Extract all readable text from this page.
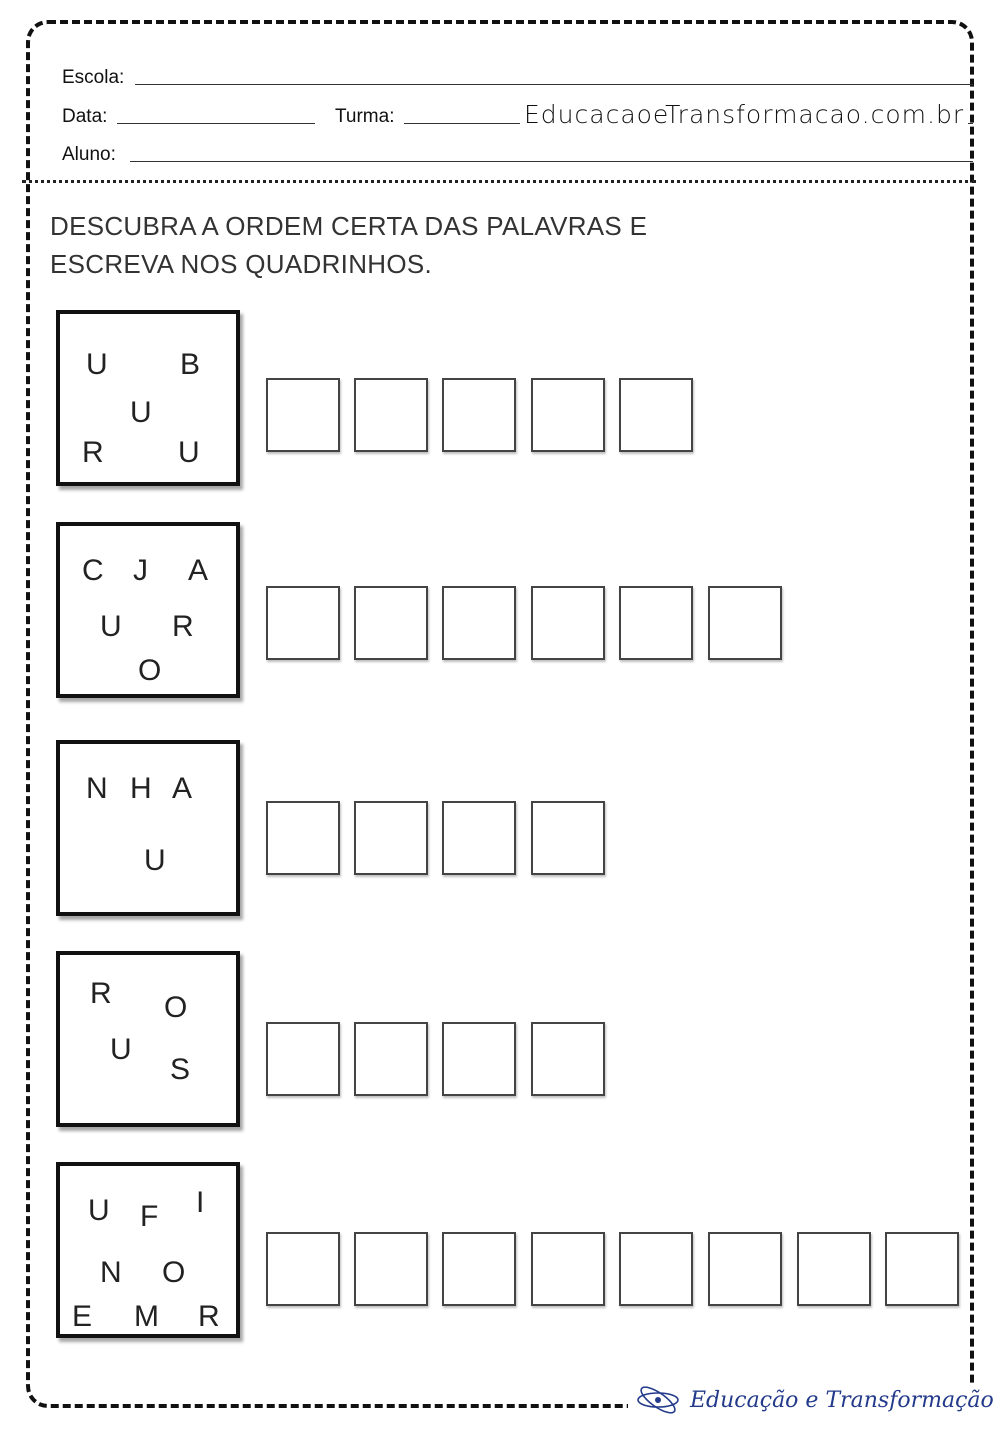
Escola:
Data:	Turma:	EducacaoeTransformacao.com.br
Aluno:
DESCUBRA A ORDEM CERTA DAS PALAVRAS E
ESCREVA NOS QUADRINHOS.
U B
U
R U
C J A
U R
O
N H A
U
R O
U
S
U F I
N O
E M R
Educação e Transformação
